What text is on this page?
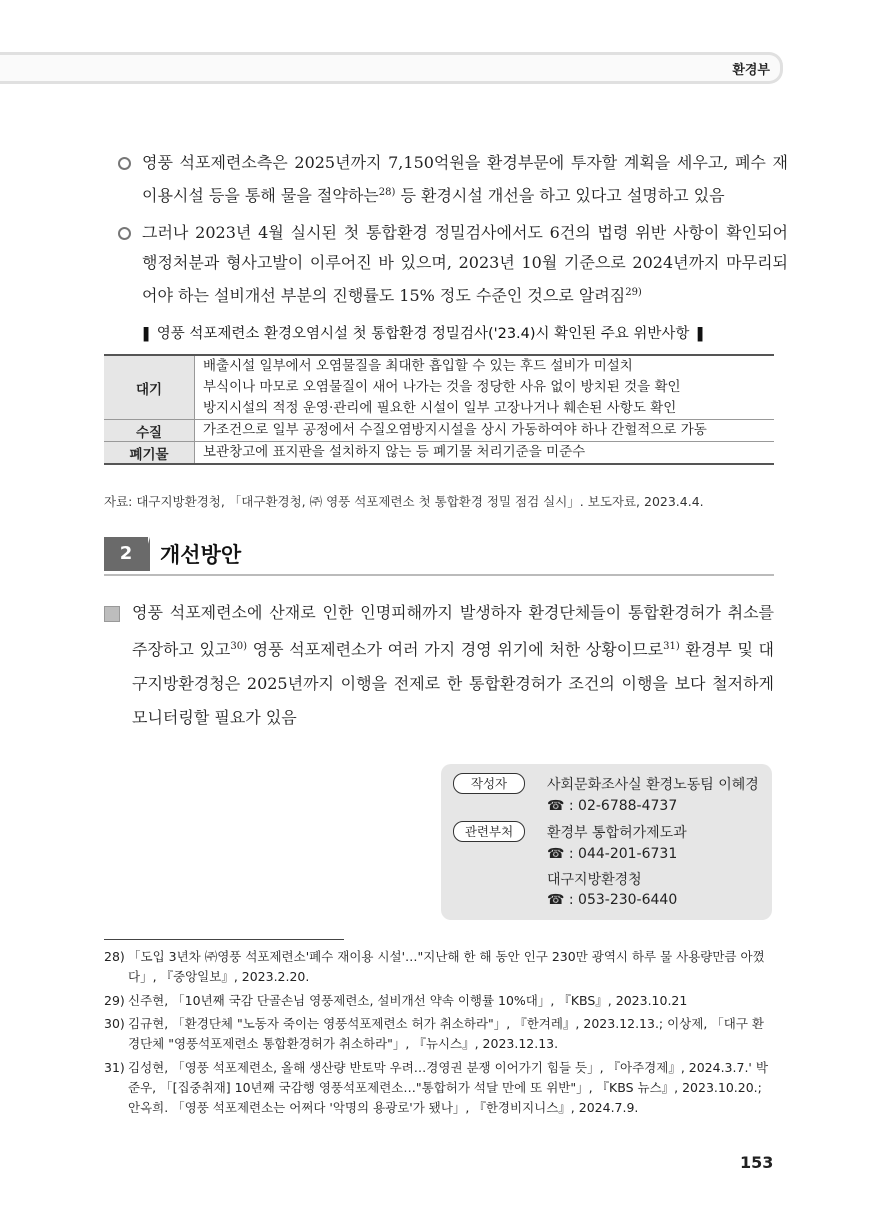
환경부
영풍 석포제련소측은 2025년까지 7,150억원을 환경부문에 투자할 계획을 세우고, 폐수 재이용시설 등을 통해 물을 절약하는$^{28)}$ 등 환경시설 개선을 하고 있다고 설명하고 있음
그러나 2023년 4월 실시된 첫 통합환경 정밀검사에서도 6건의 법령 위반 사항이 확인되어 행정처분과 형사고발이 이루어진 바 있으며, 2023년 10월 기준으로 2024년까지 마무리되어야 하는 설비개선 부분의 진행률도 15% 정도 수준인 것으로 알려짐$^{29)}$
❚ 영풍 석포제련소 환경오염시설 첫 통합환경 정밀검사('23.4)시 확인된 주요 위반사항 ❚
대기	배출시설 일부에서 오염물질을 최대한 흡입할 수 있는 후드 설비가 미설치
부식이나 마모로 오염물질이 새어 나가는 것을 정당한 사유 없이 방치된 것을 확인
방지시설의 적정 운영·관리에 필요한 시설이 일부 고장나거나 훼손된 사항도 확인

수질	가조건으로 일부 공정에서 수질오염방지시설을 상시 가동하여야 하나 간헐적으로 가동

폐기물	보관창고에 표지판을 설치하지 않는 등 폐기물 처리기준을 미준수
자료: 대구지방환경청, 「대구환경청, ㈜ 영풍 석포제련소 첫 통합환경 정밀 점검 실시」. 보도자료, 2023.4.4.
2	개선방안
영풍 석포제련소에 산재로 인한 인명피해까지 발생하자 환경단체들이 통합환경허가 취소를 주장하고 있고$^{30)}$ 영풍 석포제련소가 여러 가지 경영 위기에 처한 상황이므로$^{31)}$ 환경부 및 대구지방환경청은 2025년까지 이행을 전제로 한 통합환경허가 조건의 이행을 보다 철저하게 모니터링할 필요가 있음
작성자	사회문화조사실 환경노동팀 이혜경
☎ : 02-6788-4737
관련부처	환경부 통합허가제도과
☎ : 044-201-6731
대구지방환경청
☎ : 053-230-6440
28) 「도입 3년차 ㈜영풍 석포제련소'폐수 재이용 시설'…"지난해 한 해 동안 인구 230만 광역시 하루 물 사용량만큼 아꼈다」, 『중앙일보』, 2023.2.20.
29) 신주현, 「10년째 국감 단골손님 영풍제련소, 설비개선 약속 이행률 10%대」, 『KBS』, 2023.10.21
30) 김규현, 「환경단체 "노동자 죽이는 영풍석포제련소 허가 취소하라"」, 『한겨레』, 2023.12.13.; 이상제, 「대구 환경단체 "영풍석포제련소 통합환경허가 취소하라"」, 『뉴시스』, 2023.12.13.
31) 김성현, 「영풍 석포제련소, 올해 생산량 반토막 우려…경영권 분쟁 이어가기 힘들 듯」, 『아주경제』, 2024.3.7.' 박준우, 「[집중취재] 10년째 국감행 영풍석포제련소…"통합허가 석달 만에 또 위반"」, 『KBS 뉴스』, 2023.10.20.; 안옥희. 「영풍 석포제련소는 어쩌다 '악명의 용광로'가 됐나」, 『한경비지니스』, 2024.7.9.
153
